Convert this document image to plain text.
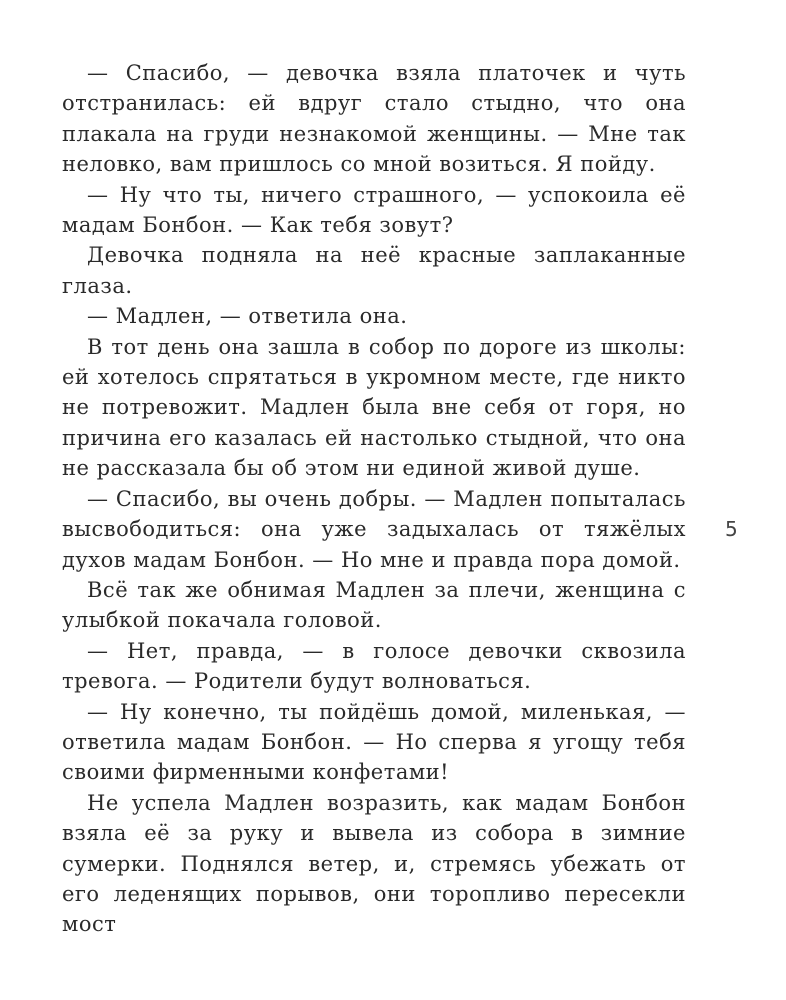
— Спасибо, — девочка взяла платочек и чуть отстранилась: ей вдруг стало стыдно, что она плакала на груди незнакомой женщины. — Мне так неловко, вам пришлось со мной возиться. Я пойду.

— Ну что ты, ничего страшного, — успокоила её мадам Бонбон. — Как тебя зовут?

Девочка подняла на неё красные заплаканные глаза.

— Мадлен, — ответила она.

В тот день она зашла в собор по дороге из школы: ей хотелось спрятаться в укромном месте, где никто не потревожит. Мадлен была вне себя от горя, но причина его казалась ей настолько стыдной, что она не рассказала бы об этом ни единой живой душе.

— Спасибо, вы очень добры. — Мадлен попыталась высвободиться: она уже задыхалась от тяжёлых духов мадам Бонбон. — Но мне и правда пора домой.

Всё так же обнимая Мадлен за плечи, женщина с улыбкой покачала головой.

— Нет, правда, — в голосе девочки сквозила тревога. — Родители будут волноваться.

— Ну конечно, ты пойдёшь домой, миленькая, — ответила мадам Бонбон. — Но сперва я угощу тебя своими фирменными конфетами!

Не успела Мадлен возразить, как мадам Бонбон взяла её за руку и вывела из собора в зимние сумерки. Поднялся ветер, и, стремясь убежать от его леденящих порывов, они торопливо пересекли мост

5
